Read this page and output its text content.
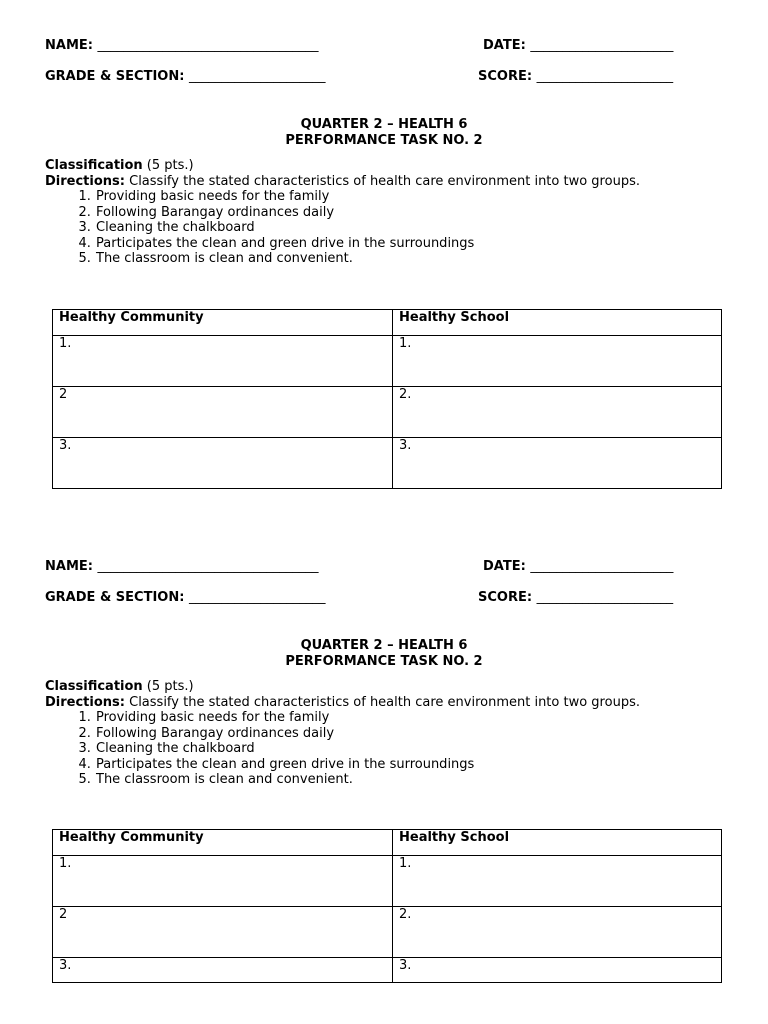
NAME: __________________________________	DATE: ______________________
GRADE & SECTION: _____________________	SCORE: _____________________
QUARTER 2 – HEALTH 6
PERFORMANCE TASK NO. 2

Classification (5 pts.)

Directions: Classify the stated characteristics of health care environment into two groups.

1. Providing basic needs for the family
2. Following Barangay ordinances daily
3. Cleaning the chalkboard
4. Participates the clean and green drive in the surroundings
5. The classroom is clean and convenient.
Healthy Community	Healthy School
1.	1.
2	2.
3.	3.
NAME: __________________________________	DATE: ______________________
GRADE & SECTION: _____________________	SCORE: _____________________
QUARTER 2 – HEALTH 6
PERFORMANCE TASK NO. 2

Classification (5 pts.)

Directions: Classify the stated characteristics of health care environment into two groups.

1. Providing basic needs for the family
2. Following Barangay ordinances daily
3. Cleaning the chalkboard
4. Participates the clean and green drive in the surroundings
5. The classroom is clean and convenient.
Healthy Community	Healthy School
1.	1.
2	2.
3.	3.
